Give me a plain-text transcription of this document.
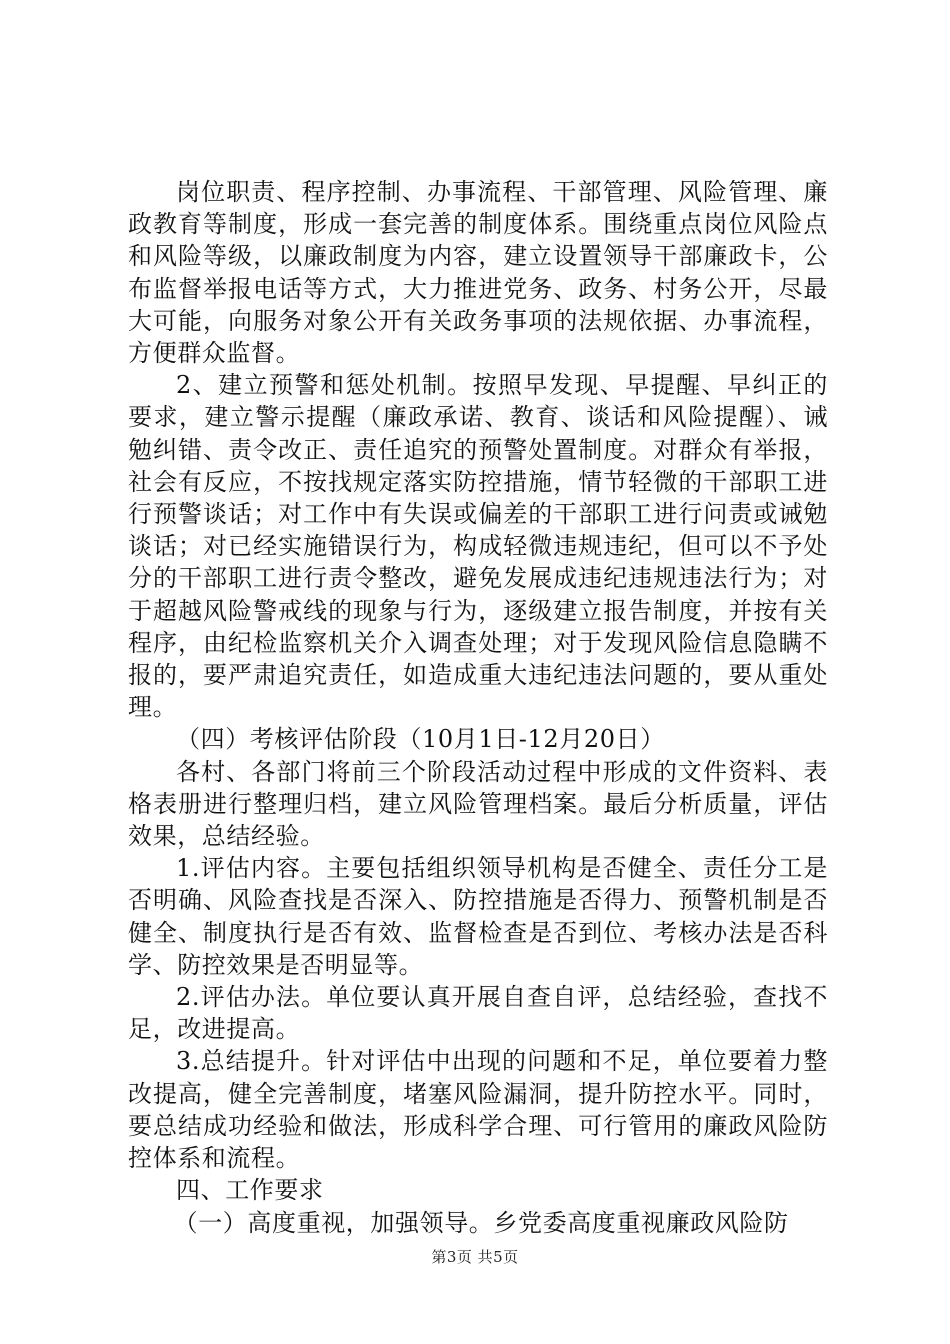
岗位职责、程序控制、办事流程、干部管理、风险管理、廉政教育等制度，形成一套完善的制度体系。围绕重点岗位风险点和风险等级，以廉政制度为内容，建立设置领导干部廉政卡，公布监督举报电话等方式，大力推进党务、政务、村务公开，尽最大可能，向服务对象公开有关政务事项的法规依据、办事流程，方便群众监督。

2、建立预警和惩处机制。按照早发现、早提醒、早纠正的要求，建立警示提醒（廉政承诺、教育、谈话和风险提醒）、诫勉纠错、责令改正、责任追究的预警处置制度。对群众有举报，社会有反应，不按找规定落实防控措施，情节轻微的干部职工进行预警谈话；对工作中有失误或偏差的干部职工进行问责或诫勉谈话；对已经实施错误行为，构成轻微违规违纪，但可以不予处分的干部职工进行责令整改，避免发展成违纪违规违法行为；对于超越风险警戒线的现象与行为，逐级建立报告制度，并按有关程序，由纪检监察机关介入调查处理；对于发现风险信息隐瞒不报的，要严肃追究责任，如造成重大违纪违法问题的，要从重处理。

（四）考核评估阶段（10月1日-12月20日）

各村、各部门将前三个阶段活动过程中形成的文件资料、表格表册进行整理归档，建立风险管理档案。最后分析质量，评估效果，总结经验。

1.评估内容。主要包括组织领导机构是否健全、责任分工是否明确、风险查找是否深入、防控措施是否得力、预警机制是否健全、制度执行是否有效、监督检查是否到位、考核办法是否科学、防控效果是否明显等。

2.评估办法。单位要认真开展自查自评，总结经验，查找不足，改进提高。

3.总结提升。针对评估中出现的问题和不足，单位要着力整改提高，健全完善制度，堵塞风险漏洞，提升防控水平。同时，要总结成功经验和做法，形成科学合理、可行管用的廉政风险防控体系和流程。

四、工作要求

（一）高度重视，加强领导。乡党委高度重视廉政风险防

第3页 共5页
